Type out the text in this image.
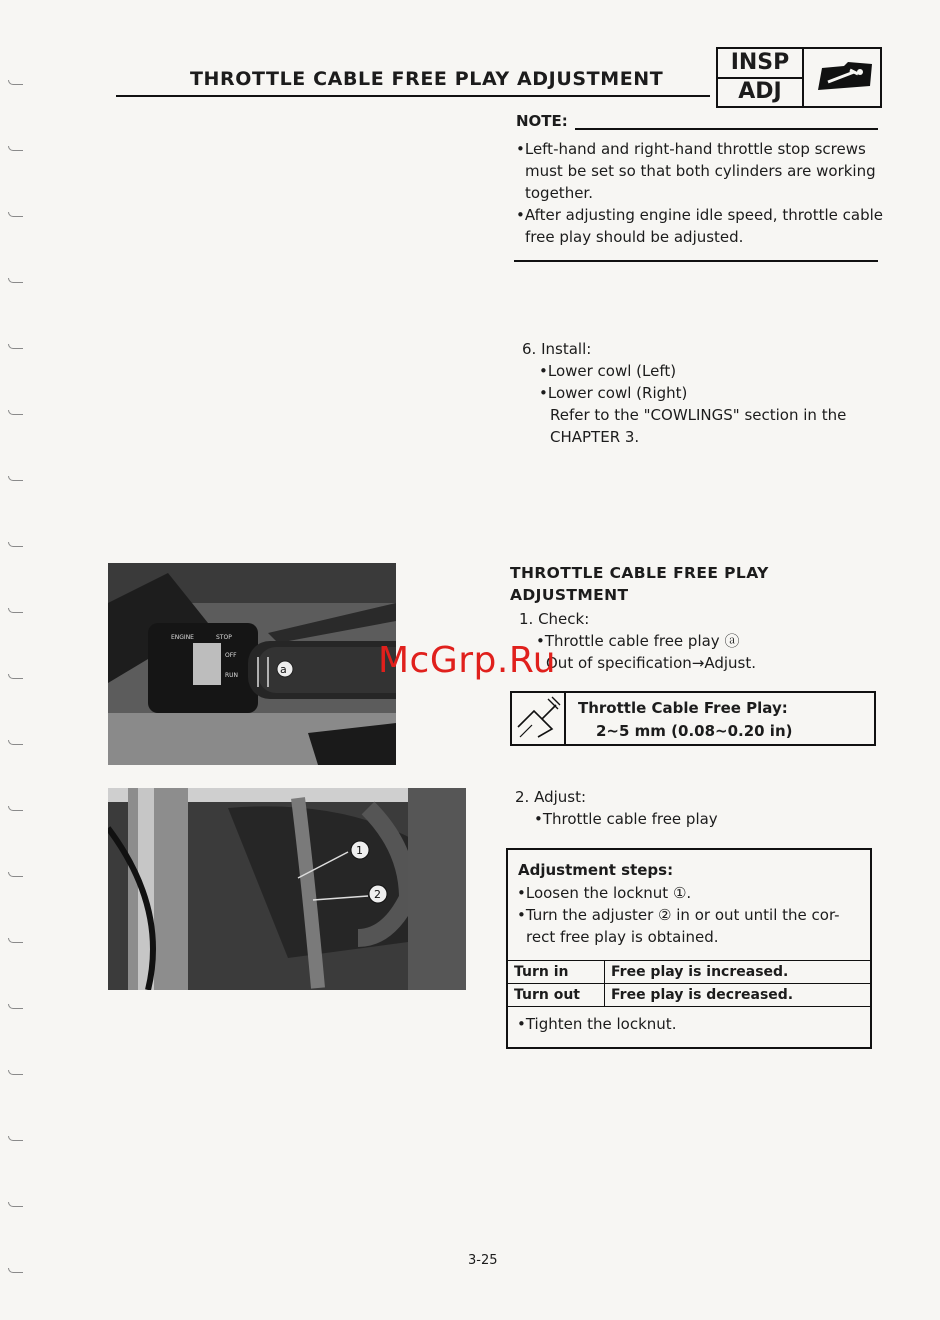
THROTTLE CABLE FREE PLAY ADJUSTMENT
INSP
ADJ
NOTE:
•Left-hand and right-hand throttle stop screws
must be set so that both cylinders are working
together.
•After adjusting engine idle speed, throttle cable
free play should be adjusted.
6. Install:
•Lower cowl (Left)
•Lower cowl (Right)
Refer to the "COWLINGS" section in the
CHAPTER 3.
ENGINE	STOP
OFF
RUN	a
1
2
THROTTLE CABLE FREE PLAY
ADJUSTMENT
1. Check:
•Throttle cable free play ⓐ
Out of specification→Adjust.
Throttle Cable Free Play:
2~5 mm (0.08~0.20 in)
2. Adjust:
•Throttle cable free play
Adjustment steps:
•Loosen the locknut ①.
•Turn the adjuster ② in or out until the cor-
rect free play is obtained.
Turn in	Free play is increased.
Turn out	Free play is decreased.
•Tighten the locknut.
3-25
McGrp.Ru
